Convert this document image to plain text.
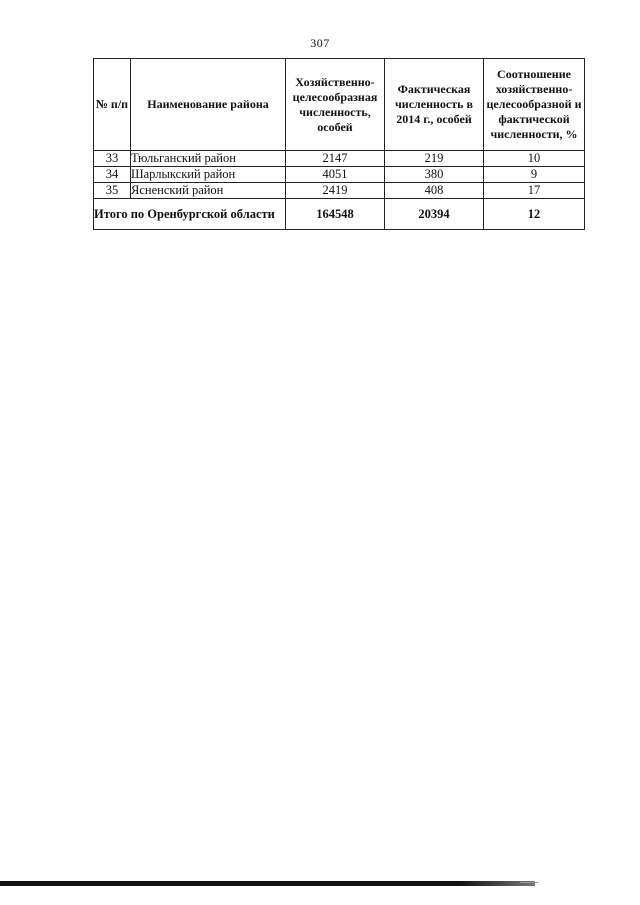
307
№ п/п	Наименование района	Хозяйственно-целесообразная численность, особей	Фактическая численность в 2014 г., особей	Соотношение хозяйственно-целесообразной и фактической численности, %
33	Тюльганский район	2147	219	10
34	Шарлыкский район	4051	380	9
35	Ясненский район	2419	408	17
Итого по Оренбургской области		164548	20394	12
